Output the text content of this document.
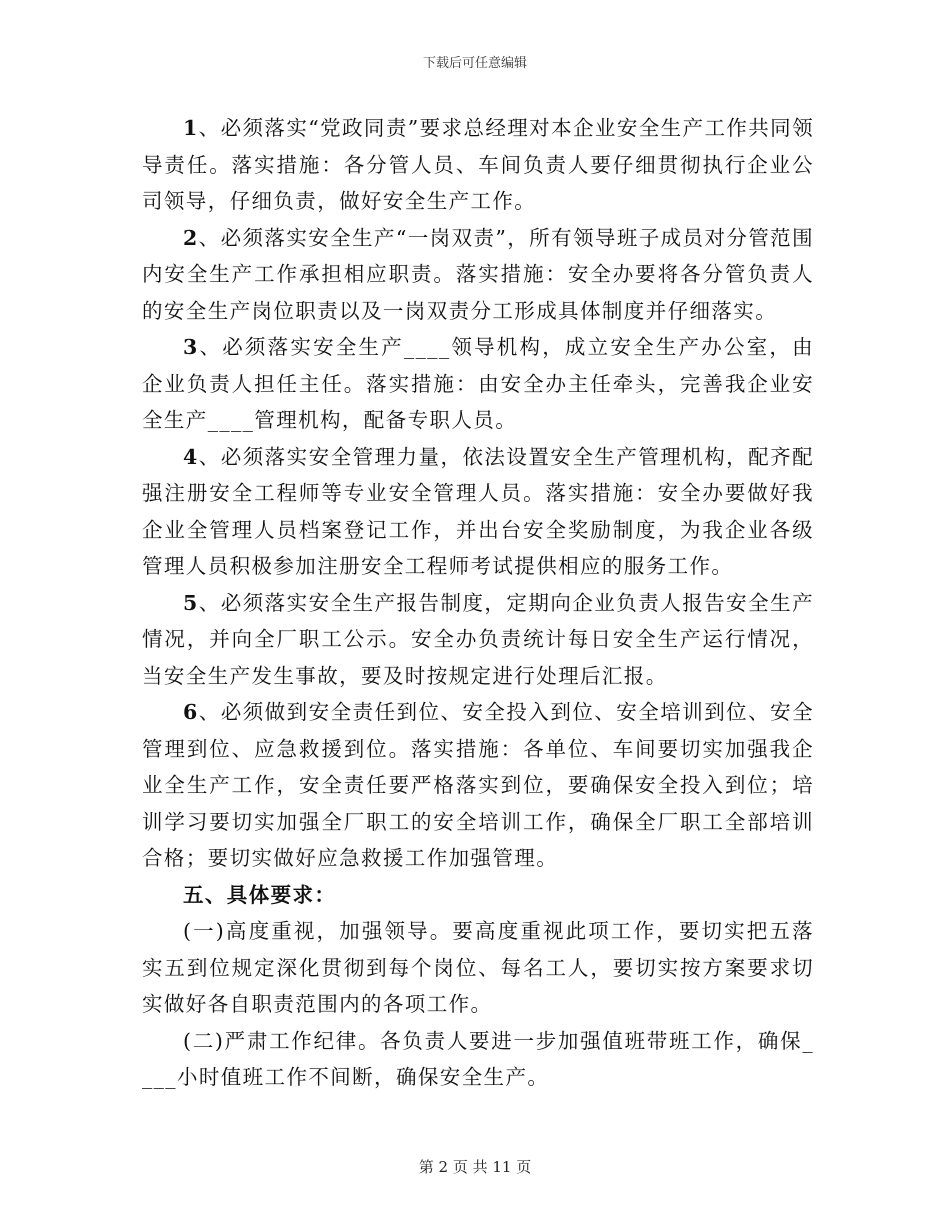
下载后可任意编辑

1、必须落实“党政同责”要求总经理对本企业安全生产工作共同领导责任。落实措施：各分管人员、车间负责人要仔细贯彻执行企业公司领导，仔细负责，做好安全生产工作。

2、必须落实安全生产“一岗双责”，所有领导班子成员对分管范围内安全生产工作承担相应职责。落实措施：安全办要将各分管负责人的安全生产岗位职责以及一岗双责分工形成具体制度并仔细落实。

3、必须落实安全生产____领导机构，成立安全生产办公室，由企业负责人担任主任。落实措施：由安全办主任牵头，完善我企业安全生产____管理机构，配备专职人员。

4、必须落实安全管理力量，依法设置安全生产管理机构，配齐配强注册安全工程师等专业安全管理人员。落实措施：安全办要做好我企业全管理人员档案登记工作，并出台安全奖励制度，为我企业各级管理人员积极参加注册安全工程师考试提供相应的服务工作。

5、必须落实安全生产报告制度，定期向企业负责人报告安全生产情况，并向全厂职工公示。安全办负责统计每日安全生产运行情况，当安全生产发生事故，要及时按规定进行处理后汇报。

6、必须做到安全责任到位、安全投入到位、安全培训到位、安全管理到位、应急救援到位。落实措施：各单位、车间要切实加强我企业全生产工作，安全责任要严格落实到位，要确保安全投入到位；培训学习要切实加强全厂职工的安全培训工作，确保全厂职工全部培训合格；要切实做好应急救援工作加强管理。

五、具体要求：

(一)高度重视，加强领导。要高度重视此项工作，要切实把五落实五到位规定深化贯彻到每个岗位、每名工人，要切实按方案要求切实做好各自职责范围内的各项工作。

(二)严肃工作纪律。各负责人要进一步加强值班带班工作，确保____小时值班工作不间断，确保安全生产。

第 2 页 共 11 页
